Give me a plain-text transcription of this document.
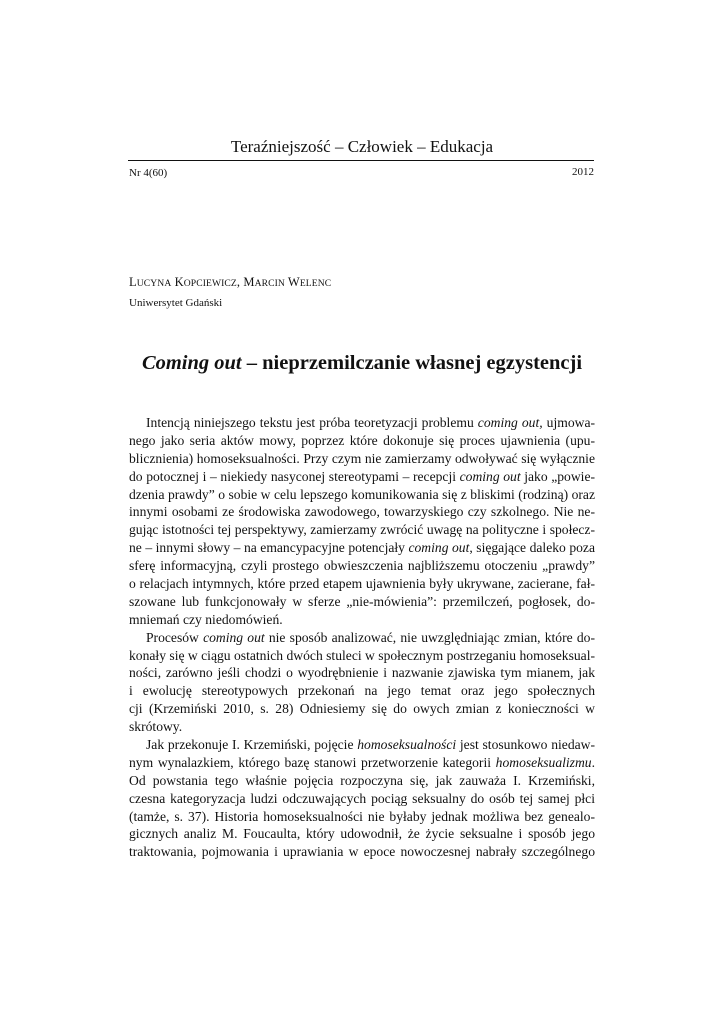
Teraźniejszość – Człowiek – Edukacja
Nr 4(60)	2012
LUCYNA KOPCIEWICZ, MARCIN WELENC
Uniwersytet Gdański
Coming out – nieprzemilczanie własnej egzystencji
Intencją niniejszego tekstu jest próba teoretyzacji problemu coming out, ujmowa-
nego jako seria aktów mowy, poprzez które dokonuje się proces ujawnienia (upu-
blicznienia) homoseksualności. Przy czym nie zamierzamy odwoływać się wyłącznie
do potocznej i – niekiedy nasyconej stereotypami – recepcji coming out jako „powie-
dzenia prawdy” o sobie w celu lepszego komunikowania się z bliskimi (rodziną) oraz
innymi osobami ze środowiska zawodowego, towarzyskiego czy szkolnego. Nie ne-
gując istotności tej perspektywy, zamierzamy zwrócić uwagę na polityczne i społecz-
ne – innymi słowy – na emancypacyjne potencjały coming out, sięgające daleko poza
sferę informacyjną, czyli prostego obwieszczenia najbliższemu otoczeniu „prawdy”
o relacjach intymnych, które przed etapem ujawnienia były ukrywane, zacierane, fał-
szowane lub funkcjonowały w sferze „nie-mówienia”: przemilczeń, pogłosek, do-
mniemań czy niedomówień.
Procesów coming out nie sposób analizować, nie uwzględniając zmian, które do-
konały się w ciągu ostatnich dwóch stuleci w społecznym postrzeganiu homoseksual-
ności, zarówno jeśli chodzi o wyodrębnienie i nazwanie zjawiska tym mianem, jak
i ewolucję stereotypowych przekonań na jego temat oraz jego społecznych
cji (Krzemiński 2010, s. 28) Odniesiemy się do owych zmian z konieczności w
skrótowy.
Jak przekonuje I. Krzemiński, pojęcie homoseksualności jest stosunkowo niedaw-
nym wynalazkiem, którego bazę stanowi przetworzenie kategorii homoseksualizmu.
Od powstania tego właśnie pojęcia rozpoczyna się, jak zauważa I. Krzemiński,
czesna kategoryzacja ludzi odczuwających pociąg seksualny do osób tej samej płci
(tamże, s. 37). Historia homoseksualności nie byłaby jednak możliwa bez genealo-
gicznych analiz M. Foucaulta, który udowodnił, że życie seksualne i sposób jego
traktowania, pojmowania i uprawiania w epoce nowoczesnej nabrały szczególnego
